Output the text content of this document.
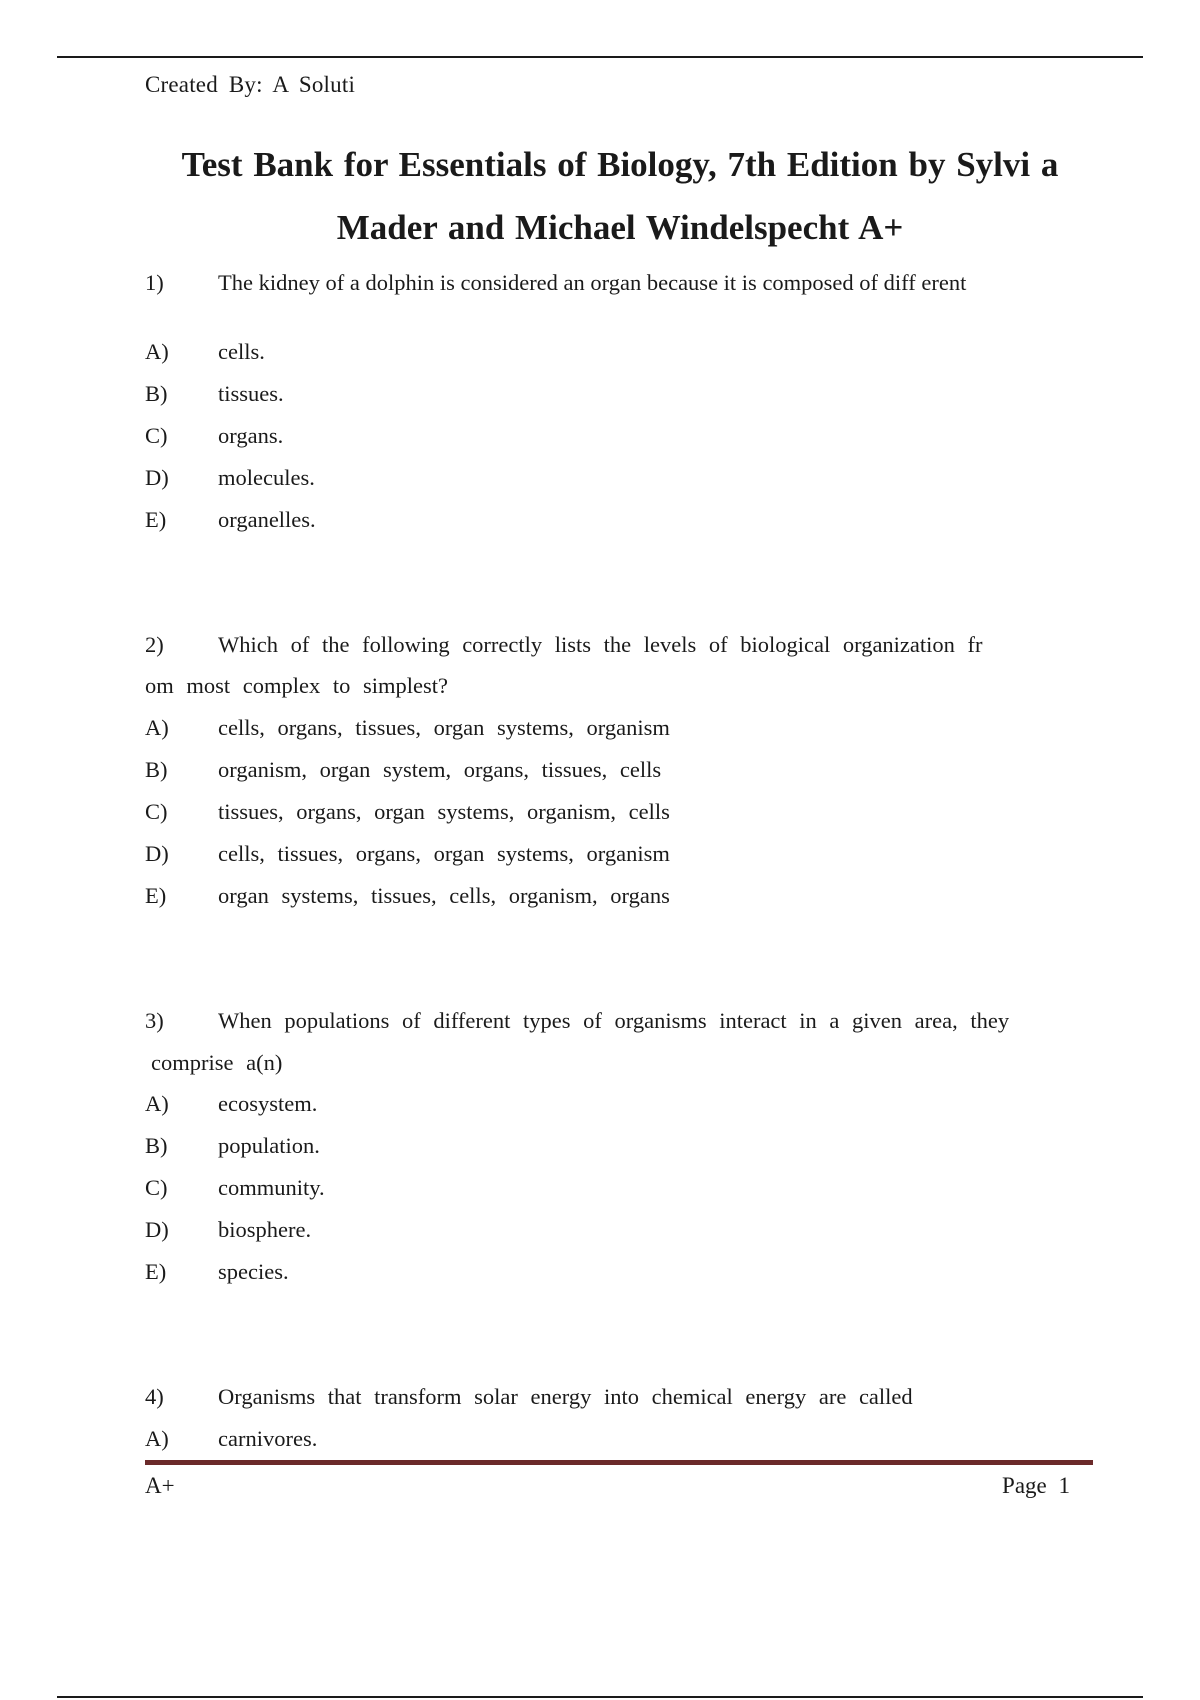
Created By: A Soluti
Test Bank for Essentials of Biology, 7th Edition by Sylvi a Mader and Michael Windelspecht A+
1) The kidney of a dolphin is considered an organ because it is composed of diff erent
A) cells.
B) tissues.
C) organs.
D) molecules.
E) organelles.
2) Which of the following correctly lists the levels of biological organization fr
om most complex to simplest?
A) cells, organs, tissues, organ systems, organism
B) organism, organ system, organs, tissues, cells
C) tissues, organs, organ systems, organism, cells
D) cells, tissues, organs, organ systems, organism
E) organ systems, tissues, cells, organism, organs
3) When populations of different types of organisms interact in a given area, they
comprise a(n)
A) ecosystem.
B) population.
C) community.
D) biosphere.
E) species.
4) Organisms that transform solar energy into chemical energy are called
A) carnivores.
A+	Page 1
